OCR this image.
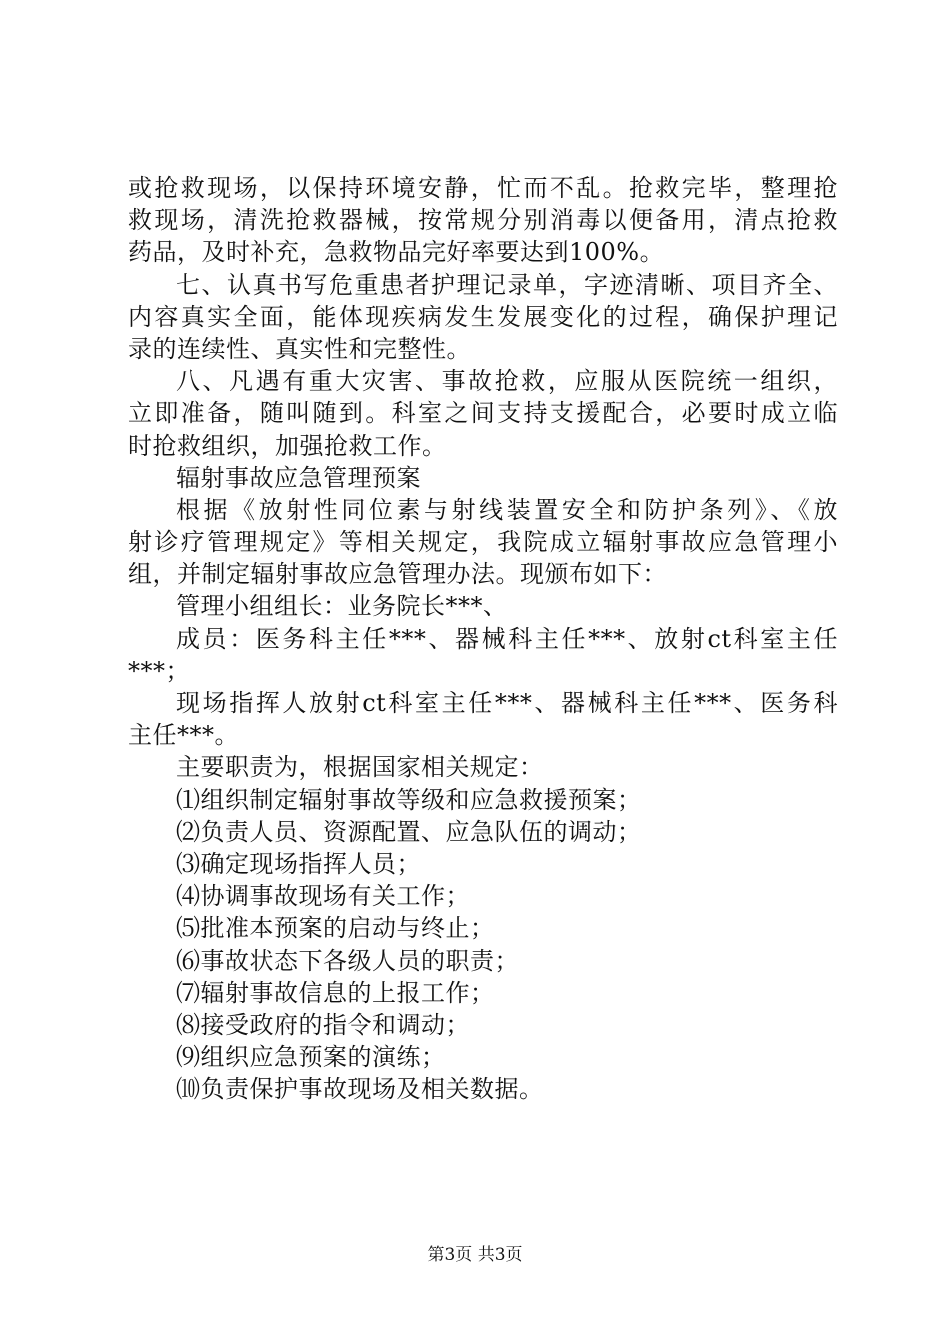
或抢救现场，以保持环境安静，忙而不乱。抢救完毕，整理抢
救现场，清洗抢救器械，按常规分别消毒以便备用，清点抢救
药品，及时补充，急救物品完好率要达到100%。
七、认真书写危重患者护理记录单，字迹清晰、项目齐全、
内容真实全面，能体现疾病发生发展变化的过程，确保护理记
录的连续性、真实性和完整性。
八、凡遇有重大灾害、事故抢救，应服从医院统一组织，
立即准备，随叫随到。科室之间支持支援配合，必要时成立临
时抢救组织，加强抢救工作。
辐射事故应急管理预案
根据《放射性同位素与射线装置安全和防护条列》、《放
射诊疗管理规定》等相关规定，我院成立辐射事故应急管理小
组，并制定辐射事故应急管理办法。现颁布如下：
管理小组组长：业务院长***、
成员：医务科主任***、器械科主任***、放射ct科室主任
***；
现场指挥人放射ct科室主任***、器械科主任***、医务科
主任***。
主要职责为，根据国家相关规定：
⑴组织制定辐射事故等级和应急救援预案；
⑵负责人员、资源配置、应急队伍的调动；
⑶确定现场指挥人员；
⑷协调事故现场有关工作；
⑸批准本预案的启动与终止；
⑹事故状态下各级人员的职责；
⑺辐射事故信息的上报工作；
⑻接受政府的指令和调动；
⑼组织应急预案的演练；
⑽负责保护事故现场及相关数据。
第3页 共3页
